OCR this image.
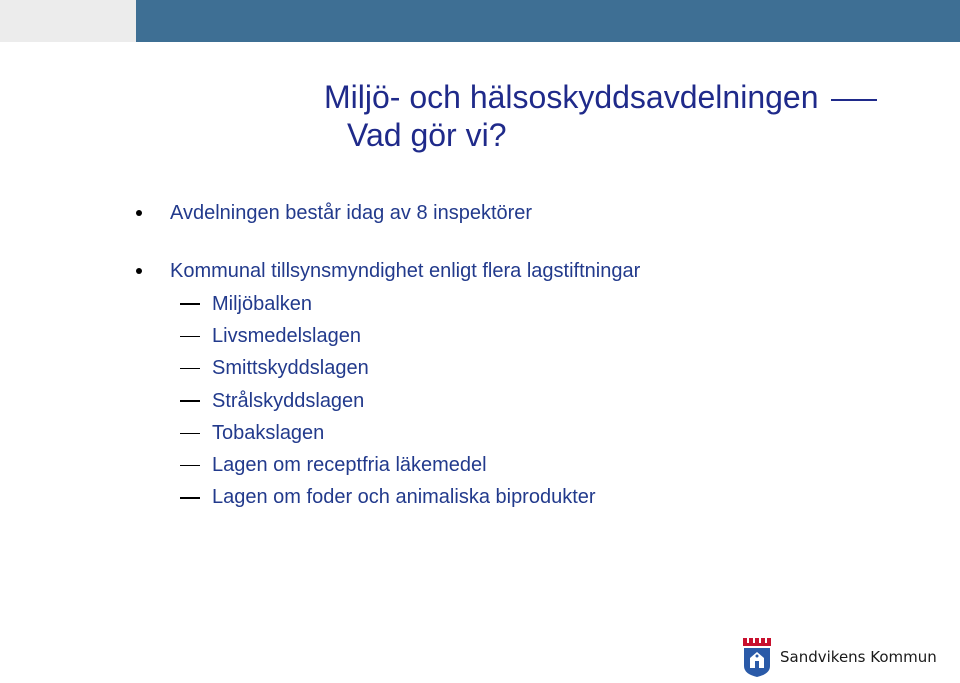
Miljö- och hälsoskyddsavdelningen
Vad gör vi?
Avdelningen består idag av 8 inspektörer
Kommunal tillsynsmyndighet enligt flera lagstiftningar
Miljöbalken
Livsmedelslagen
Smittskyddslagen
Strålskyddslagen
Tobakslagen
Lagen om receptfria läkemedel
Lagen om foder och animaliska biprodukter
Sandvikens Kommun
